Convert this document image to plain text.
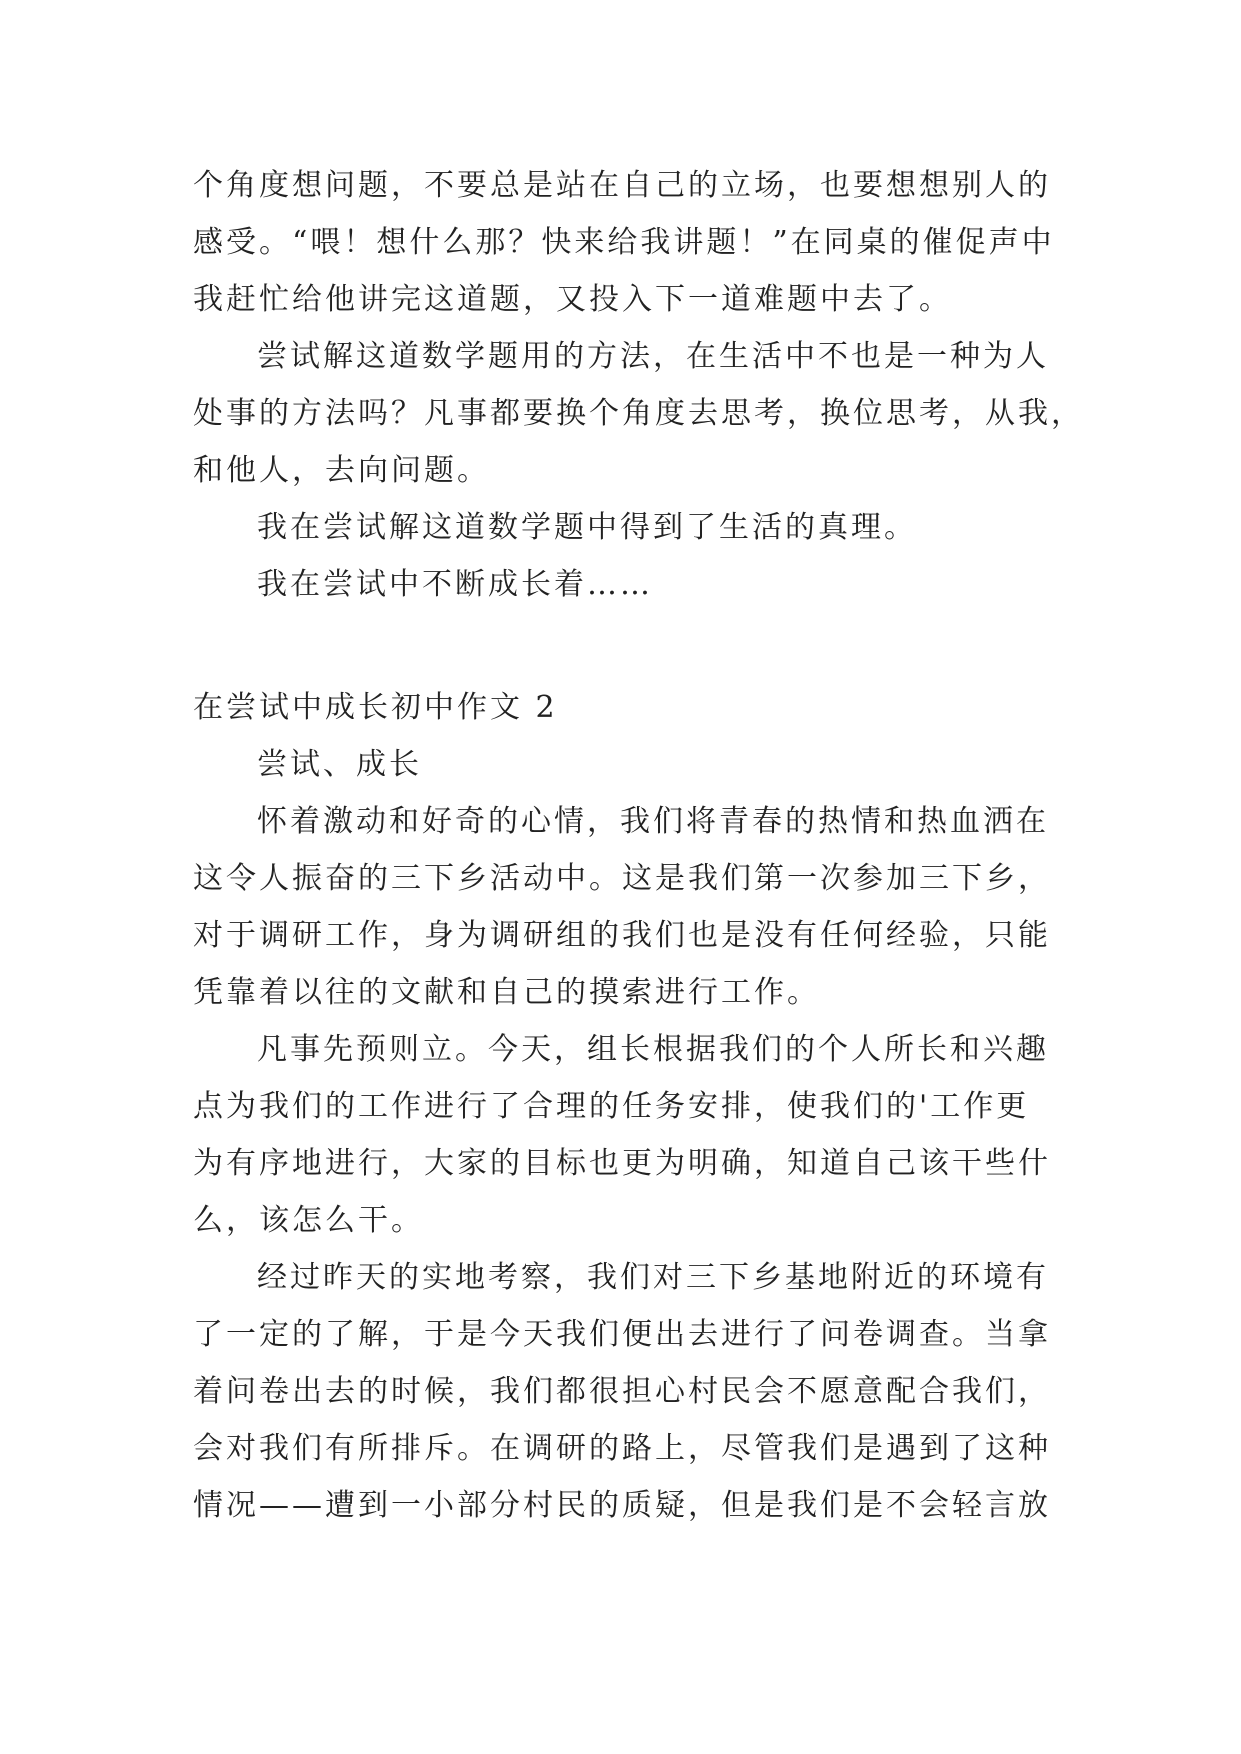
个角度想问题，不要总是站在自己的立场，也要想想别人的
感受。“喂！想什么那？快来给我讲题！”在同桌的催促声中
我赶忙给他讲完这道题，又投入下一道难题中去了。
尝试解这道数学题用的方法，在生活中不也是一种为人
处事的方法吗？凡事都要换个角度去思考，换位思考，从我，
和他人，去向问题。
我在尝试解这道数学题中得到了生活的真理。
我在尝试中不断成长着……
在尝试中成长初中作文 2
尝试、成长
怀着激动和好奇的心情，我们将青春的热情和热血洒在
这令人振奋的三下乡活动中。这是我们第一次参加三下乡，
对于调研工作，身为调研组的我们也是没有任何经验，只能
凭靠着以往的文献和自己的摸索进行工作。
凡事先预则立。今天，组长根据我们的个人所长和兴趣
点为我们的工作进行了合理的任务安排，使我们的'工作更
为有序地进行，大家的目标也更为明确，知道自己该干些什
么，该怎么干。
经过昨天的实地考察，我们对三下乡基地附近的环境有
了一定的了解，于是今天我们便出去进行了问卷调查。当拿
着问卷出去的时候，我们都很担心村民会不愿意配合我们，
会对我们有所排斥。在调研的路上，尽管我们是遇到了这种
情况——遭到一小部分村民的质疑，但是我们是不会轻言放
